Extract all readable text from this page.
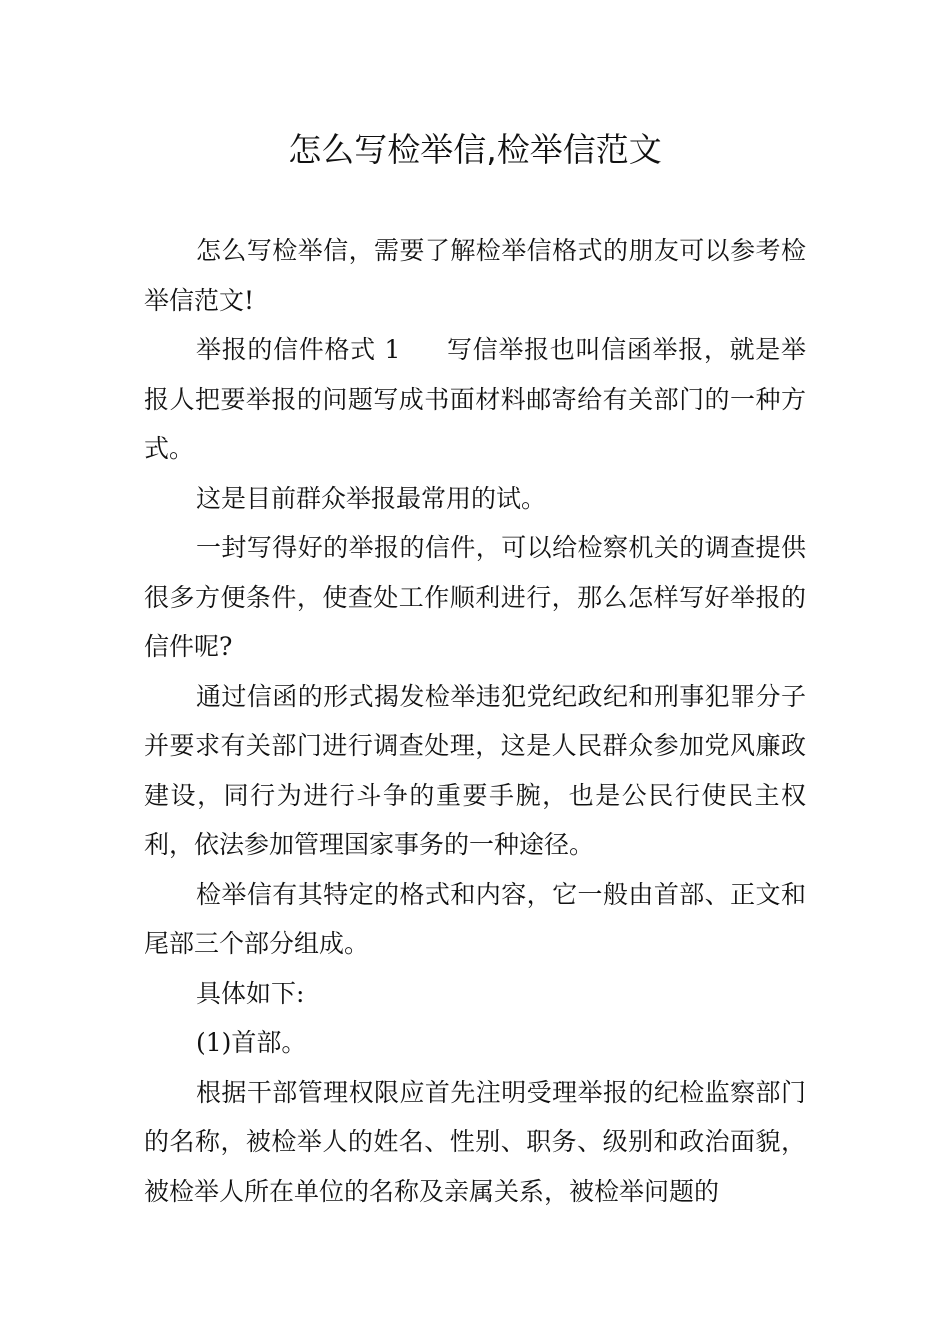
怎么写检举信,检举信范文

怎么写检举信，需要了解检举信格式的朋友可以参考检举信范文!

举报的信件格式 1 写信举报也叫信函举报，就是举报人把要举报的问题写成书面材料邮寄给有关部门的一种方式。

这是目前群众举报最常用的试。

一封写得好的举报的信件，可以给检察机关的调查提供很多方便条件，使查处工作顺利进行，那么怎样写好举报的信件呢?

通过信函的形式揭发检举违犯党纪政纪和刑事犯罪分子并要求有关部门进行调查处理，这是人民群众参加党风廉政建设，同行为进行斗争的重要手腕，也是公民行使民主权利，依法参加管理国家事务的一种途径。

检举信有其特定的格式和内容，它一般由首部、正文和尾部三个部分组成。

具体如下:

(1)首部。

根据干部管理权限应首先注明受理举报的纪检监察部门的名称，被检举人的姓名、性别、职务、级别和政治面貌，被检举人所在单位的名称及亲属关系，被检举问题的
